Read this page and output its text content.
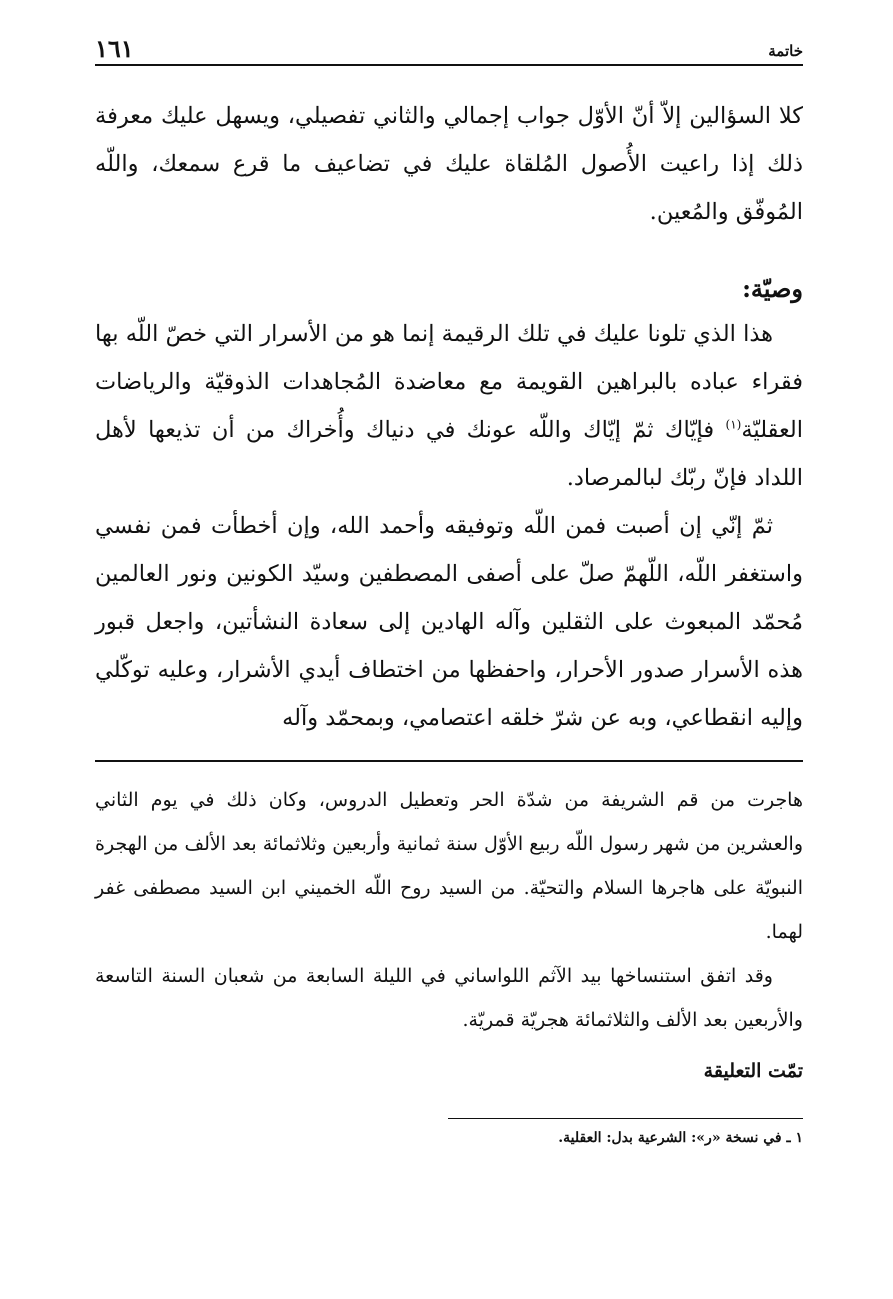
خاتمة
١٦١

كلا السؤالين إلاّ أنّ الأوّل جواب إجمالي والثاني تفصيلي، ويسهل عليك معرفة ذلك إذا راعيت الأُصول المُلقاة عليك في تضاعيف ما قرع سمعك، واللّه المُوفّق والمُعين.

وصيّة:

هذا الذي تلونا عليك في تلك الرقيمة إنما هو من الأسرار التي خصّ اللّه بها فقراء عباده بالبراهين القويمة مع معاضدة المُجاهدات الذوقيّة والرياضات العقليّة$^{(١)}$ فإيّاك ثمّ إيّاك واللّه عونك في دنياك وأُخراك من أن تذيعها لأهل اللداد فإنّ ربّك لبالمرصاد.

ثمّ إنّي إن أصبت فمن اللّه وتوفيقه وأحمد الله، وإن أخطأت فمن نفسي واستغفر اللّه، اللّهمّ صلّ على أصفى المصطفين وسيّد الكونين ونور العالمين مُحمّد المبعوث على الثقلين وآله الهادين إلى سعادة النشأتين، واجعل قبور هذه الأسرار صدور الأحرار، واحفظها من اختطاف أيدي الأشرار، وعليه توكّلي وإليه انقطاعي، وبه عن شرّ خلقه اعتصامي، وبمحمّد وآله

هاجرت من قم الشريفة من شدّة الحر وتعطيل الدروس، وكان ذلك في يوم الثاني والعشرين من شهر رسول اللّه ربيع الأوّل سنة ثمانية وأربعين وثلاثمائة بعد الألف من الهجرة النبويّة على هاجرها السلام والتحيّة. من السيد روح اللّه الخميني ابن السيد مصطفى غفر لهما.

وقد اتفق استنساخها بيد الآثم اللواساني في الليلة السابعة من شعبان السنة التاسعة والأربعين بعد الألف والثلاثمائة هجريّة قمريّة.

تمّت التعليقة
١ ـ في نسخة «ر»: الشرعية بدل: العقلية.
